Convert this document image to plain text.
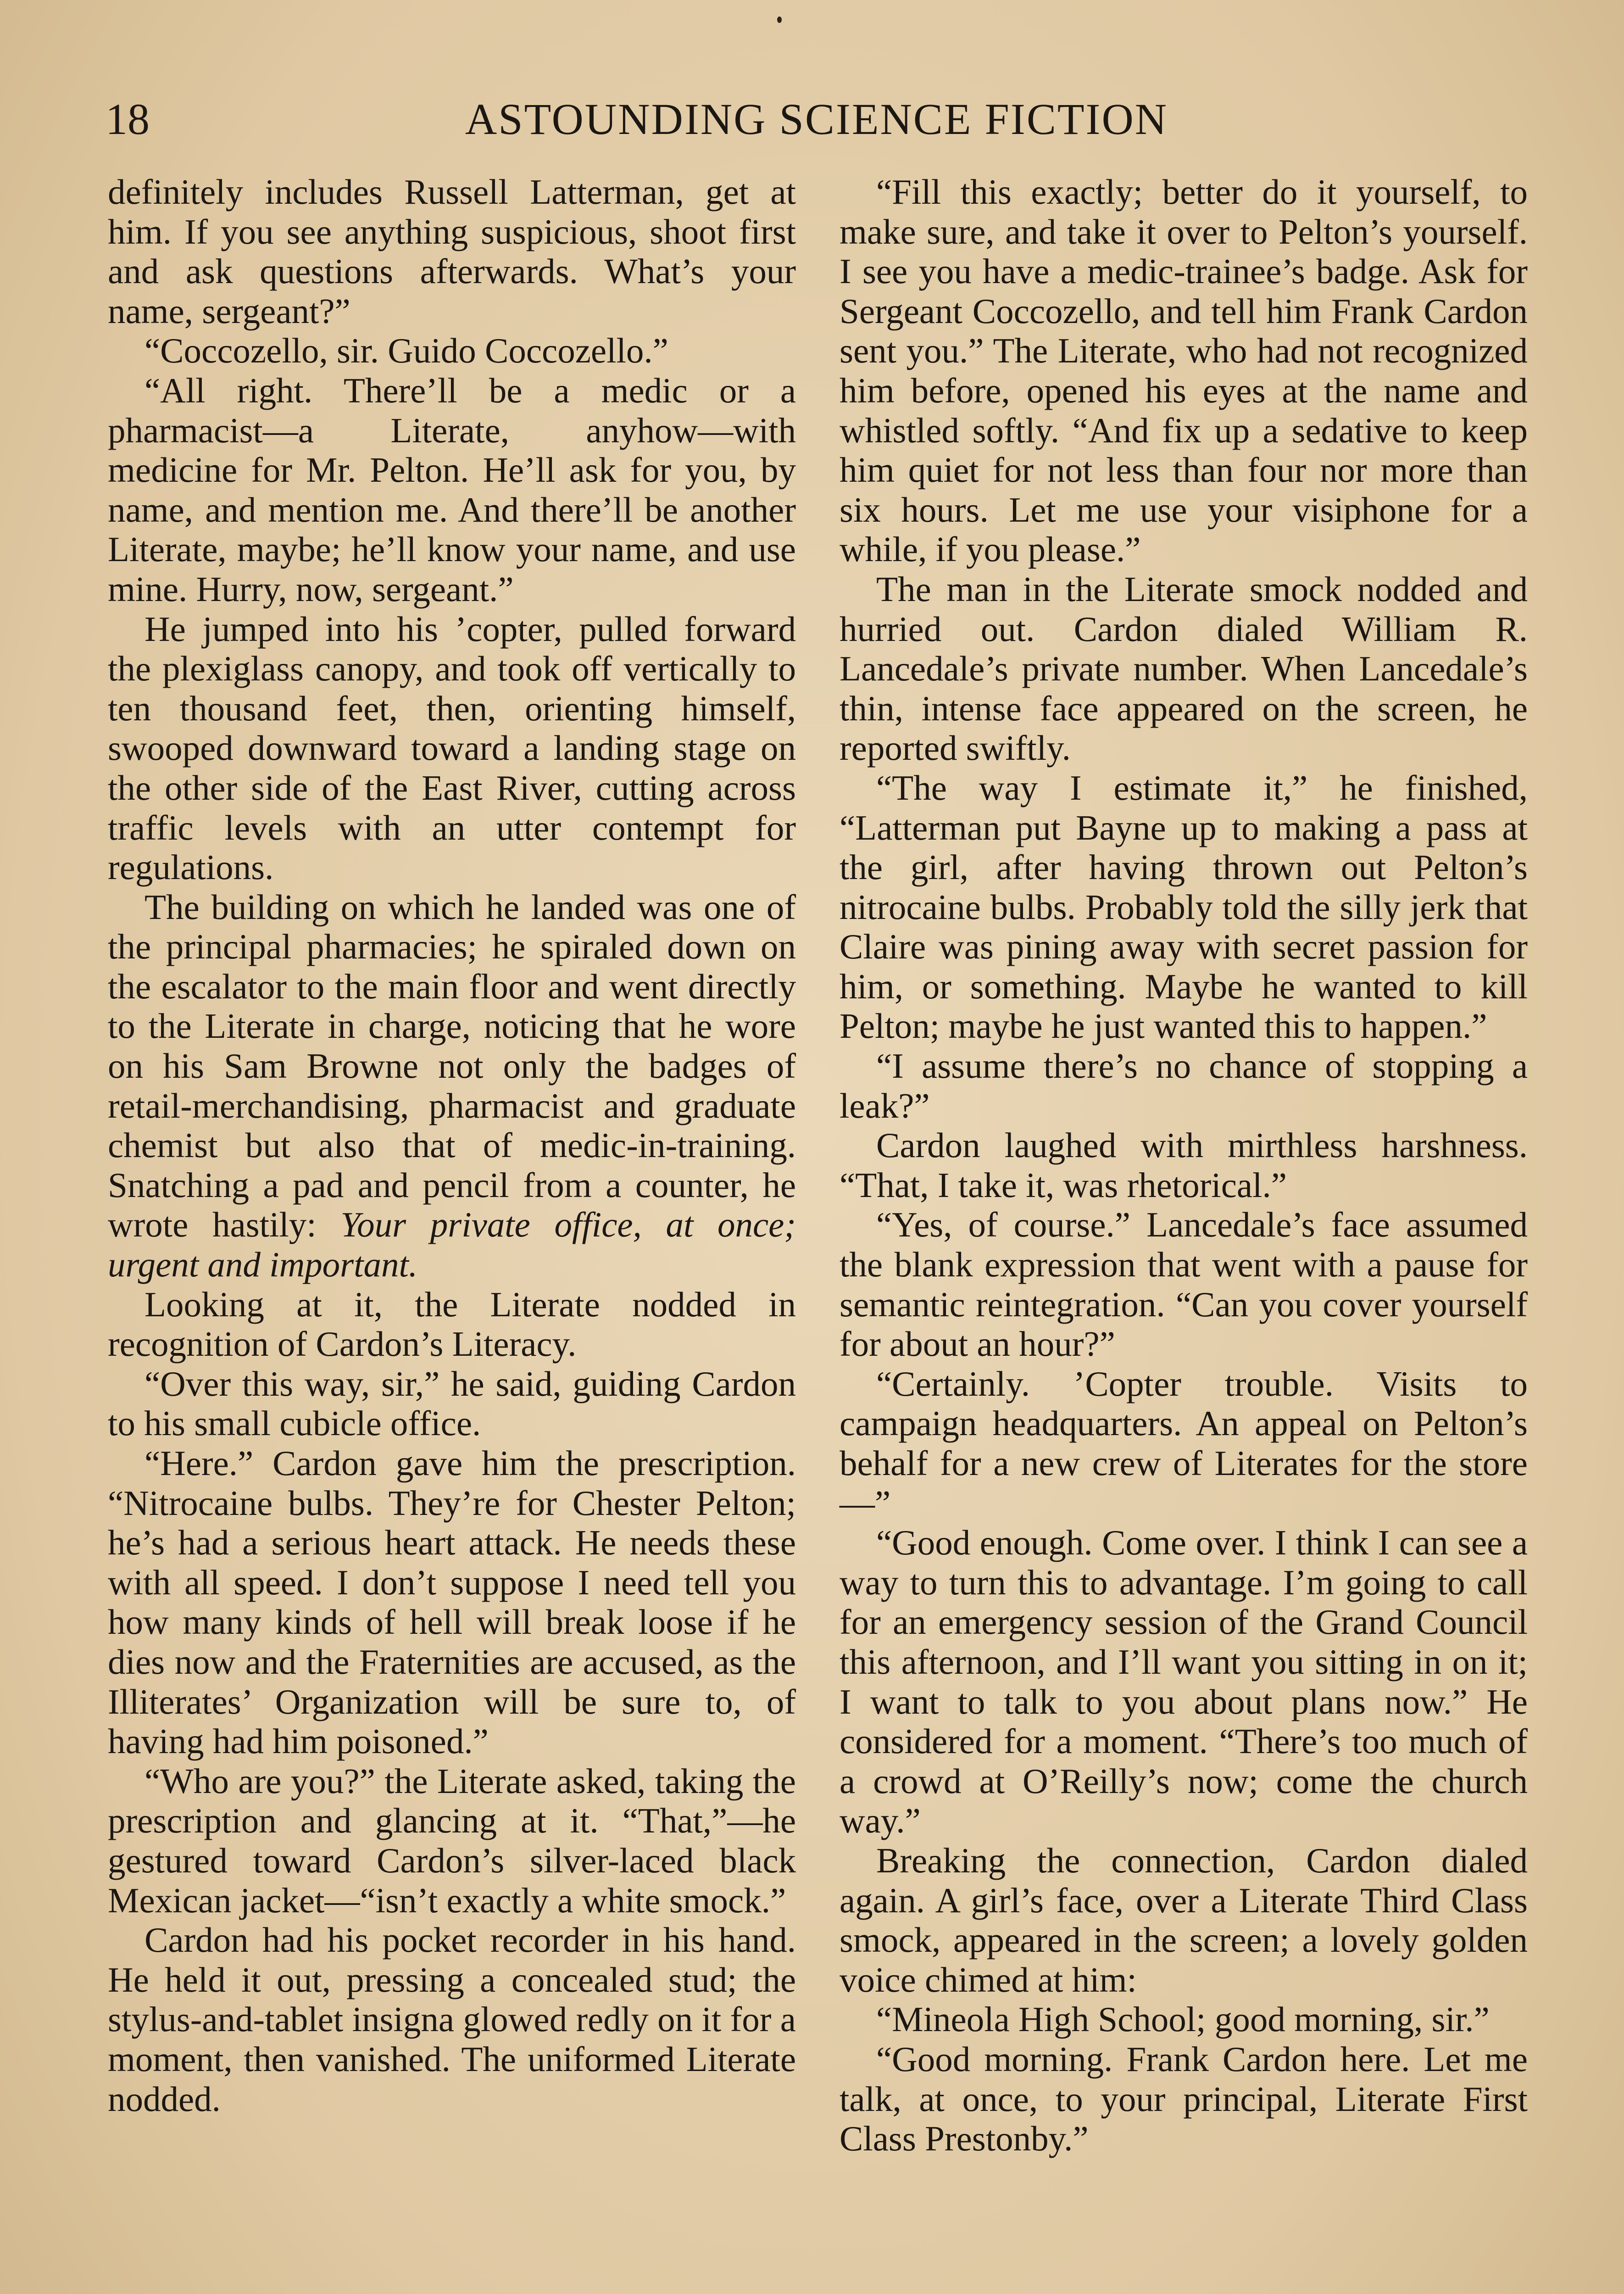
18	ASTOUNDING SCIENCE FICTION

definitely includes Russell Latterman, get at him. If you see anything suspicious, shoot first and ask questions afterwards. What’s your name, sergeant?”

“Coccozello, sir. Guido Coccozello.”

“All right. There’ll be a medic or a pharmacist—a Literate, anyhow—with medicine for Mr. Pelton. He’ll ask for you, by name, and mention me. And there’ll be another Literate, maybe; he’ll know your name, and use mine. Hurry, now, sergeant.”

He jumped into his ’copter, pulled forward the plexiglass canopy, and took off vertically to ten thousand feet, then, orienting himself, swooped downward toward a landing stage on the other side of the East River, cutting across traffic levels with an utter contempt for regulations.

The building on which he landed was one of the principal pharmacies; he spiraled down on the escalator to the main floor and went directly to the Literate in charge, noticing that he wore on his Sam Browne not only the badges of retail-merchandising, pharmacist and graduate chemist but also that of medic-in-training. Snatching a pad and pencil from a counter, he wrote hastily: Your private office, at once; urgent and important.

Looking at it, the Literate nodded in recognition of Cardon’s Literacy.

“Over this way, sir,” he said, guiding Cardon to his small cubicle office.

“Here.” Cardon gave him the prescription. “Nitrocaine bulbs. They’re for Chester Pelton; he’s had a serious heart attack. He needs these with all speed. I don’t suppose I need tell you how many kinds of hell will break loose if he dies now and the Fraternities are accused, as the Illiterates’ Organization will be sure to, of having had him poisoned.”

“Who are you?” the Literate asked, taking the prescription and glancing at it. “That,”—he gestured toward Cardon’s silver-laced black Mexican jacket—“isn’t exactly a white smock.”

Cardon had his pocket recorder in his hand. He held it out, pressing a concealed stud; the stylus-and-tablet insigna glowed redly on it for a moment, then vanished. The uniformed Literate nodded.

“Fill this exactly; better do it yourself, to make sure, and take it over to Pelton’s yourself. I see you have a medic-trainee’s badge. Ask for Sergeant Coccozello, and tell him Frank Cardon sent you.” The Literate, who had not recognized him before, opened his eyes at the name and whistled softly. “And fix up a sedative to keep him quiet for not less than four nor more than six hours. Let me use your visiphone for a while, if you please.”

The man in the Literate smock nodded and hurried out. Cardon dialed William R. Lancedale’s private number. When Lancedale’s thin, intense face appeared on the screen, he reported swiftly.

“The way I estimate it,” he finished, “Latterman put Bayne up to making a pass at the girl, after having thrown out Pelton’s nitrocaine bulbs. Probably told the silly jerk that Claire was pining away with secret passion for him, or something. Maybe he wanted to kill Pelton; maybe he just wanted this to happen.”

“I assume there’s no chance of stopping a leak?”

Cardon laughed with mirthless harshness. “That, I take it, was rhetorical.”

“Yes, of course.” Lancedale’s face assumed the blank expression that went with a pause for semantic reintegration. “Can you cover yourself for about an hour?”

“Certainly. ’Copter trouble. Visits to campaign headquarters. An appeal on Pelton’s behalf for a new crew of Literates for the store—”

“Good enough. Come over. I think I can see a way to turn this to advantage. I’m going to call for an emergency session of the Grand Council this afternoon, and I’ll want you sitting in on it; I want to talk to you about plans now.” He considered for a moment. “There’s too much of a crowd at O’Reilly’s now; come the church way.”

Breaking the connection, Cardon dialed again. A girl’s face, over a Literate Third Class smock, appeared in the screen; a lovely golden voice chimed at him:

“Mineola High School; good morning, sir.”

“Good morning. Frank Cardon here. Let me talk, at once, to your principal, Literate First Class Prestonby.”
